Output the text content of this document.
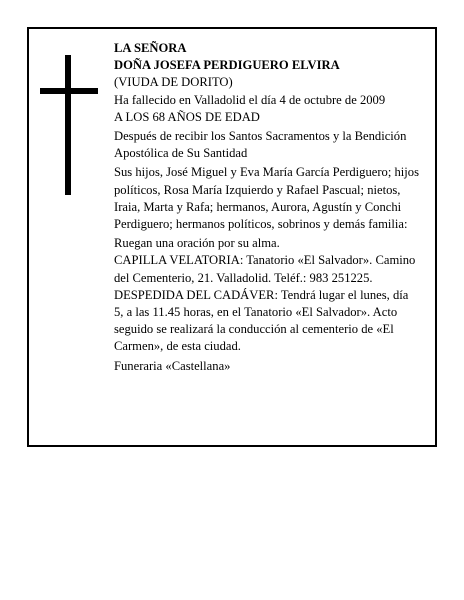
LA SEÑORA

DOÑA JOSEFA PERDIGUERO ELVIRA

(VIUDA DE DORITO)

Ha fallecido en Valladolid el día 4 de octubre de 2009

A LOS 68 AÑOS DE EDAD

Después de recibir los Santos Sacramentos y la Bendición Apostólica de Su Santidad

Sus hijos, José Miguel y Eva María García Perdiguero; hijos políticos, Rosa María Izquierdo y Rafael Pascual; nietos, Iraia, Marta y Rafa; hermanos, Aurora, Agustín y Conchi Perdiguero; hermanos políticos, sobrinos y demás familia:

Ruegan una oración por su alma.

CAPILLA VELATORIA: Tanatorio «El Salvador». Camino del Cementerio, 21. Valladolid. Teléf.: 983 251225.

DESPEDIDA DEL CADÁVER: Tendrá lugar el lunes, día 5, a las 11.45 horas, en el Tanatorio «El Salvador». Acto seguido se realizará la conducción al cementerio de «El Carmen», de esta ciudad.

Funeraria «Castellana»
